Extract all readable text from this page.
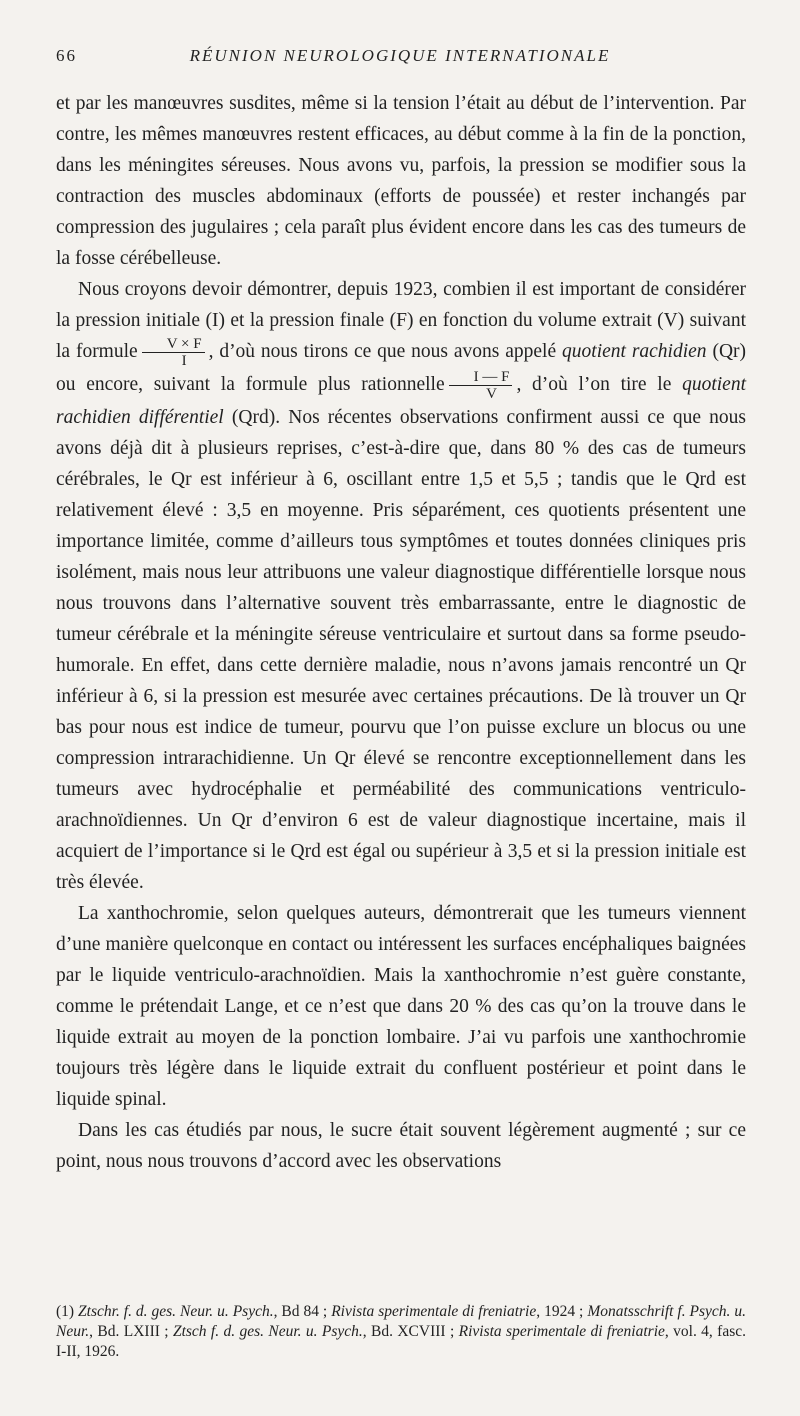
66	RÉUNION NEUROLOGIQUE INTERNATIONALE

et par les manœuvres susdites, même si la tension l’était au début de l’intervention. Par contre, les mêmes manœuvres restent efficaces, au début comme à la fin de la ponction, dans les méningites séreuses. Nous avons vu, parfois, la pression se modifier sous la contraction des muscles abdominaux (efforts de poussée) et rester inchangés par compression des jugulaires ; cela paraît plus évident encore dans les cas des tumeurs de la fosse cérébelleuse.

Nous croyons devoir démontrer, depuis 1923, combien il est important de considérer la pression initiale (I) et la pression finale (F) en fonction du volume extrait (V) suivant la formule $\frac{V \times F}{I}$ , d’où nous tirons ce que nous avons appelé quotient rachidien (Qr) ou encore, suivant la formule plus rationnelle $\frac{I — F}{V}$ , d’où l’on tire le quotient rachidien différentiel (Qrd). Nos récentes observations confirment aussi ce que nous avons déjà dit à plusieurs reprises, c’est-à-dire que, dans 80 % des cas de tumeurs cérébrales, le Qr est inférieur à 6, oscillant entre 1,5 et 5,5 ; tandis que le Qrd est relativement élevé : 3,5 en moyenne. Pris séparément, ces quotients présentent une importance limitée, comme d’ailleurs tous symptômes et toutes données cliniques pris isolément, mais nous leur attribuons une valeur diagnostique différentielle lorsque nous nous trouvons dans l’alternative souvent très embarrassante, entre le diagnostic de tumeur cérébrale et la méningite séreuse ventriculaire et surtout dans sa forme pseudo-humorale. En effet, dans cette dernière maladie, nous n’avons jamais rencontré un Qr inférieur à 6, si la pression est mesurée avec certaines précautions. De là trouver un Qr bas pour nous est indice de tumeur, pourvu que l’on puisse exclure un blocus ou une compression intrarachidienne. Un Qr élevé se rencontre exceptionnellement dans les tumeurs avec hydrocéphalie et perméabilité des communications ventriculo-arachnoïdiennes. Un Qr d’environ 6 est de valeur diagnostique incertaine, mais il acquiert de l’importance si le Qrd est égal ou supérieur à 3,5 et si la pression initiale est très élevée.

La xanthochromie, selon quelques auteurs, démontrerait que les tumeurs viennent d’une manière quelconque en contact ou intéressent les surfaces encéphaliques baignées par le liquide ventriculo-arachnoïdien. Mais la xanthochromie n’est guère constante, comme le prétendait Lange, et ce n’est que dans 20 % des cas qu’on la trouve dans le liquide extrait au moyen de la ponction lombaire. J’ai vu parfois une xanthochromie toujours très légère dans le liquide extrait du confluent postérieur et point dans le liquide spinal.

Dans les cas étudiés par nous, le sucre était souvent légèrement augmenté ; sur ce point, nous nous trouvons d’accord avec les observations

(1) Ztschr. f. d. ges. Neur. u. Psych., Bd 84 ; Rivista sperimentale di freniatrie, 1924 ; Monatsschrift f. Psych. u. Neur., Bd. LXIII ; Ztsch f. d. ges. Neur. u. Psych., Bd. XCVIII ; Rivista sperimentale di freniatrie, vol. 4, fasc. I-II, 1926.
